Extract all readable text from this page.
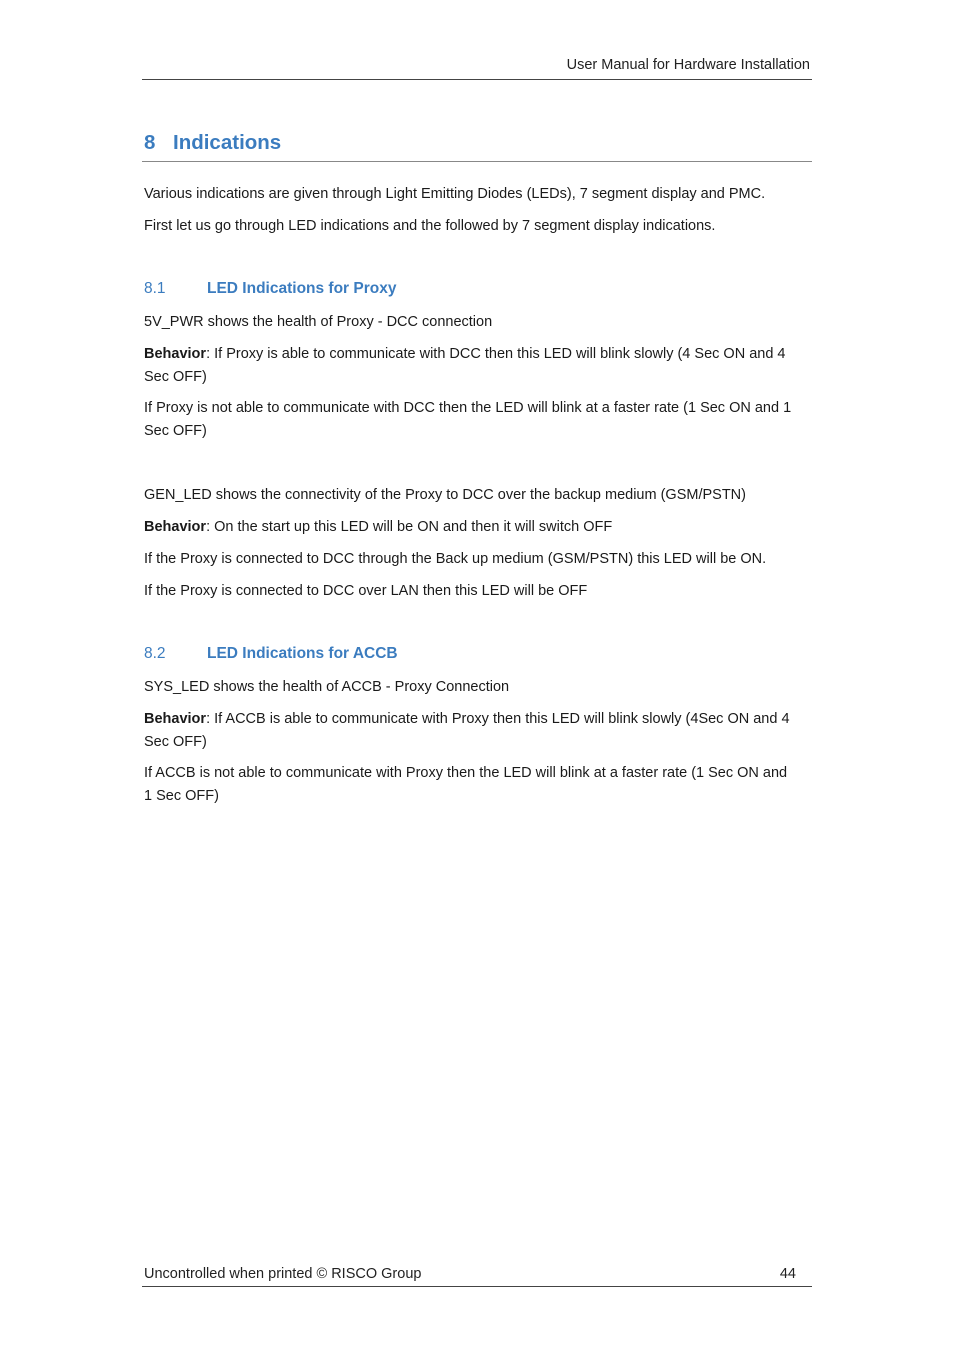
User Manual for Hardware Installation
8 Indications

Various indications are given through Light Emitting Diodes (LEDs), 7 segment display and PMC.

First let us go through LED indications and the followed by 7 segment display indications.

8.1	LED Indications for Proxy

5V_PWR shows the health of Proxy - DCC connection

Behavior: If Proxy is able to communicate with DCC then this LED will blink slowly (4 Sec ON and 4
Sec OFF)

If Proxy is not able to communicate with DCC then the LED will blink at a faster rate (1 Sec ON and 1
Sec OFF)

GEN_LED shows the connectivity of the Proxy to DCC over the backup medium (GSM/PSTN)

Behavior: On the start up this LED will be ON and then it will switch OFF

If the Proxy is connected to DCC through the Back up medium (GSM/PSTN) this LED will be ON.

If the Proxy is connected to DCC over LAN then this LED will be OFF

8.2	LED Indications for ACCB

SYS_LED shows the health of ACCB - Proxy Connection

Behavior: If ACCB is able to communicate with Proxy then this LED will blink slowly (4Sec ON and 4
Sec OFF)

If ACCB is not able to communicate with Proxy then the LED will blink at a faster rate (1 Sec ON and
1 Sec OFF)

Uncontrolled when printed © RISCO Group	44
